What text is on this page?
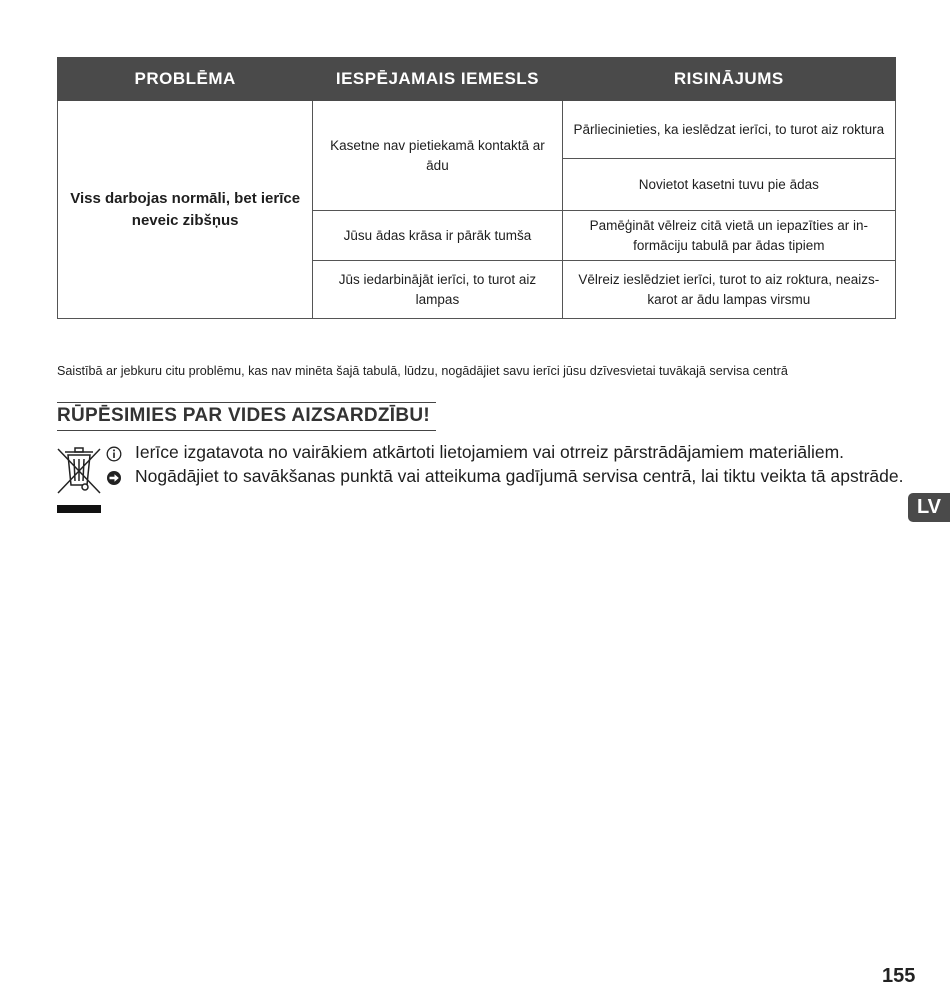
PROBLĒMA	IESPĒJAMAIS IEMESLS	RISINĀJUMS
Viss darbojas normāli, bet ierīce neveic zibšņus	Kasetne nav pietiekamā kontaktā ar ādu	Pārliecinieties, ka ieslēdzat ierīci, to turot aiz roktura
		Novietot kasetni tuvu pie ādas
	Jūsu ādas krāsa ir pārāk tumša	Pamēģināt vēlreiz citā vietā un iepazīties ar in-formāciju tabulā par ādas tipiem
	Jūs iedarbinājāt ierīci, to turot aiz lampas	Vēlreiz ieslēdziet ierīci, turot to aiz roktura, neaizs-karot ar ādu lampas virsmu
Saistībā ar jebkuru citu problēmu, kas nav minēta šajā tabulā, lūdzu, nogādājiet savu ierīci jūsu dzīvesvietai tuvākajā servisa centrā
RŪPĒSIMIES PAR VIDES AIZSARDZĪBU!

Ierīce izgatavota no vairākiem atkārtoti lietojamiem vai otrreiz pārstrādājamiem materiāliem.

Nogādājiet to savākšanas punktā vai atteikuma gadījumā servisa centrā, lai tiktu veikta tā apstrāde.

LV
155
